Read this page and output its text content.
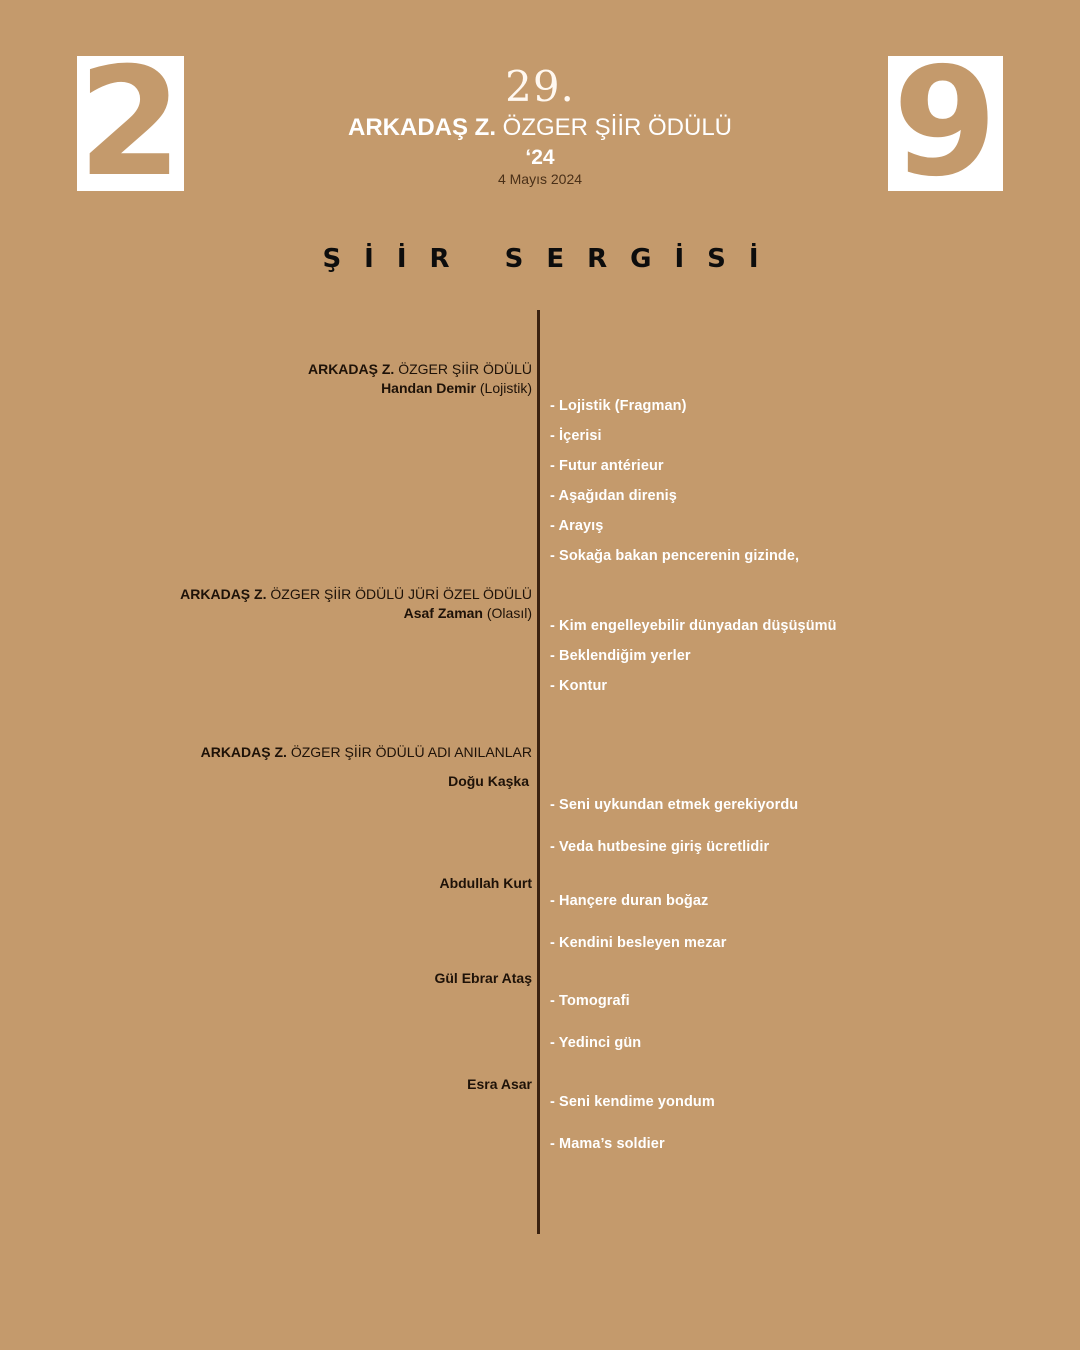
2	9
29.
ARKADAŞ Z. ÖZGER ŞİİR ÖDÜLÜ
‘24
4 Mayıs 2024
ŞİİR SERGİSİ
ARKADAŞ Z. ÖZGER ŞİİR ÖDÜLÜ
Handan Demir (Lojistik)
- Lojistik (Fragman)
- İçerisi
- Futur antérieur
- Aşağıdan direniş
- Arayış
- Sokağa bakan pencerenin gizinde,
ARKADAŞ Z. ÖZGER ŞİİR ÖDÜLÜ JÜRİ ÖZEL ÖDÜLÜ
Asaf Zaman (Olasıl)
- Kim engelleyebilir dünyadan düşüşümü
- Beklendiğim yerler
- Kontur
ARKADAŞ Z. ÖZGER ŞİİR ÖDÜLÜ ADI ANILANLAR
Doğu Kaşka
- Seni uykundan etmek gerekiyordu
- Veda hutbesine giriş ücretlidir
Abdullah Kurt
- Hançere duran boğaz
- Kendini besleyen mezar
Gül Ebrar Ataş
- Tomografi
- Yedinci gün
Esra Asar
- Seni kendime yondum
- Mama’s soldier
